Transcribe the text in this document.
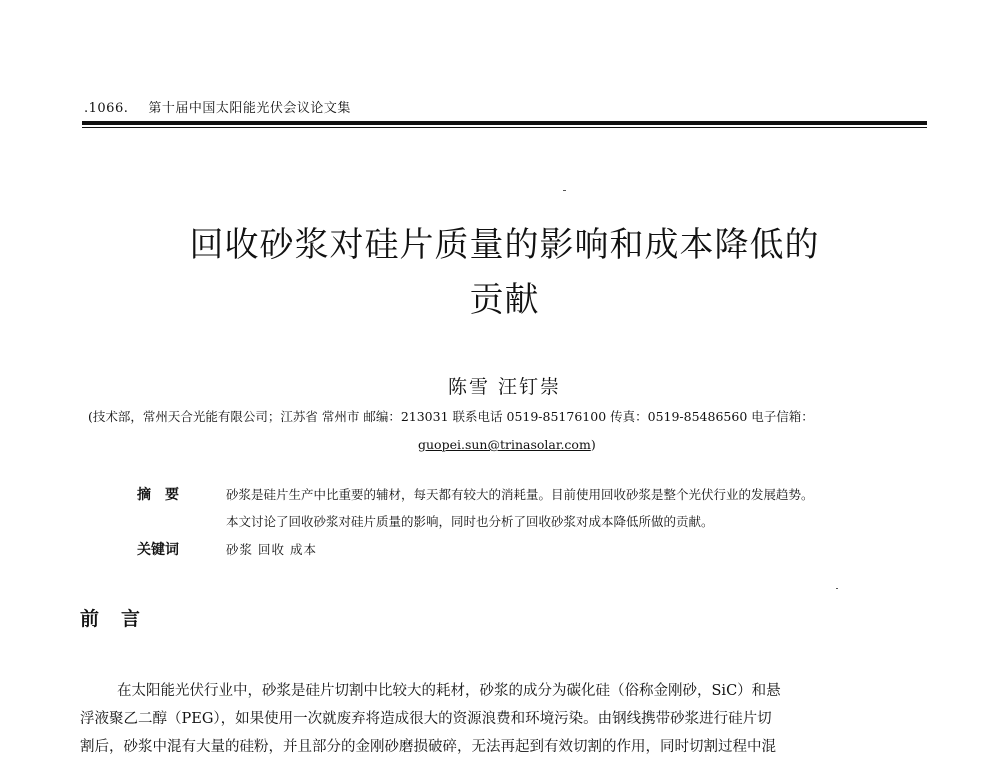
.1066. 第十届中国太阳能光伏会议论文集
回收砂浆对硅片质量的影响和成本降低的
贡献
陈雪 汪钉崇
(技术部，常州天合光能有限公司；江苏省 常州市 邮编：213031 联系电话 0519-85176100 传真：0519-85486560 电子信箱：
guopei.sun@trinasolar.com)
摘要	砂浆是硅片生产中比重要的辅材，每天都有较大的消耗量。目前使用回收砂浆是整个光伏行业的发展趋势。
本文讨论了回收砂浆对硅片质量的影响，同时也分析了回收砂浆对成本降低所做的贡献。
关键词	砂浆 回收 成本
前言
在太阳能光伏行业中，砂浆是硅片切割中比较大的耗材，砂浆的成分为碳化硅（俗称金刚砂，SiC）和悬
浮液聚乙二醇（PEG），如果使用一次就废弃将造成很大的资源浪费和环境污染。由钢线携带砂浆进行硅片切
割后，砂浆中混有大量的硅粉，并且部分的金刚砂磨损破碎，无法再起到有效切割的作用，同时切割过程中混
